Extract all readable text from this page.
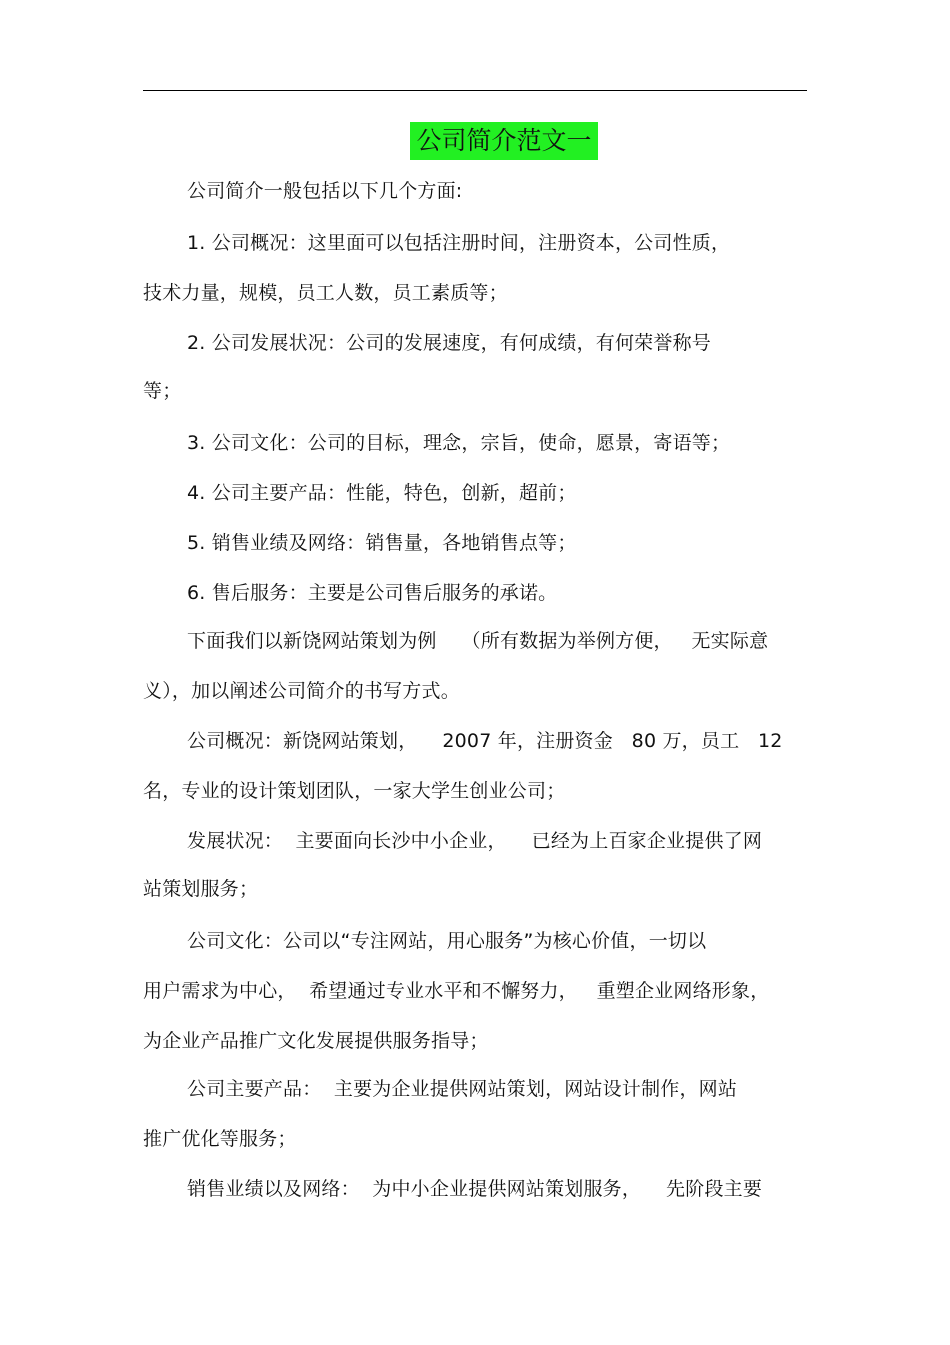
公司简介范文一
公司简介一般包括以下几个方面:
1. 公司概况：这里面可以包括注册时间，注册资本，公司性质，
技术力量，规模，员工人数，员工素质等；
2. 公司发展状况：公司的发展速度，有何成绩，有何荣誉称号
等；
3. 公司文化：公司的目标，理念，宗旨，使命，愿景，寄语等；
4. 公司主要产品：性能，特色，创新，超前；
5. 销售业绩及网络：销售量，各地销售点等；
6. 售后服务：主要是公司售后服务的承诺。
下面我们以新饶网站策划为例    （所有数据为举例方便，   无实际意
义），加以阐述公司简介的书写方式。
公司概况：新饶网站策划，    2007 年，注册资金   80 万，员工   12
名，专业的设计策划团队，一家大学生创业公司；
发展状况：  主要面向长沙中小企业，    已经为上百家企业提供了网
站策划服务；
公司文化：公司以“专注网站，用心服务”为核心价值，一切以
用户需求为中心，  希望通过专业水平和不懈努力，   重塑企业网络形象，
为企业产品推广文化发展提供服务指导；
公司主要产品：  主要为企业提供网站策划，网站设计制作，网站
推广优化等服务；
销售业绩以及网络：  为中小企业提供网站策划服务，    先阶段主要
